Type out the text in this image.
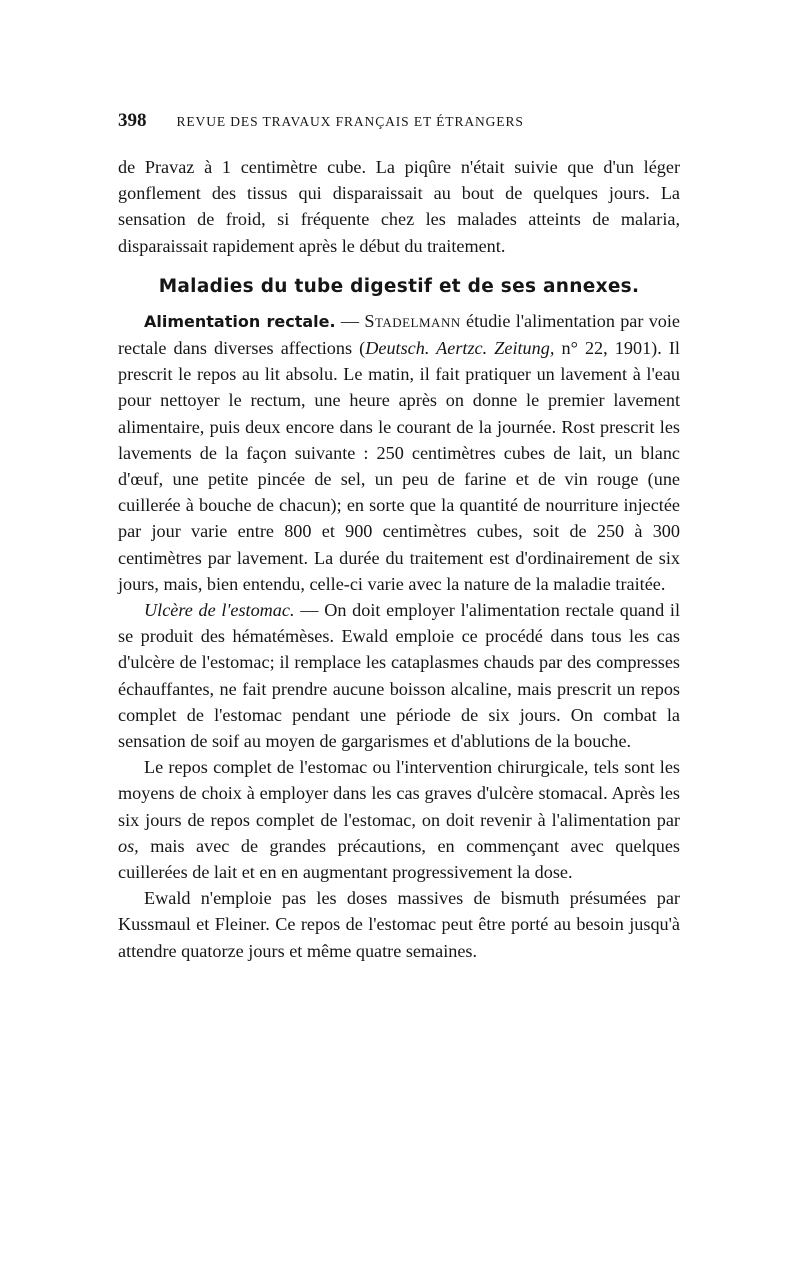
398 REVUE DES TRAVAUX FRANÇAIS ET ÉTRANGERS

de Pravaz à 1 centimètre cube. La piqûre n'était suivie que d'un léger gonflement des tissus qui disparaissait au bout de quelques jours. La sensation de froid, si fréquente chez les malades atteints de malaria, disparaissait rapidement après le début du traitement.

Maladies du tube digestif et de ses annexes.

Alimentation rectale. — Stadelmann étudie l'alimentation par voie rectale dans diverses affections (Deutsch. Aertzc. Zeitung, n° 22, 1901). Il prescrit le repos au lit absolu. Le matin, il fait pratiquer un lavement à l'eau pour nettoyer le rectum, une heure après on donne le premier lavement alimentaire, puis deux encore dans le courant de la journée. Rost prescrit les lavements de la façon suivante : 250 centimètres cubes de lait, un blanc d'œuf, une petite pincée de sel, un peu de farine et de vin rouge (une cuillerée à bouche de chacun); en sorte que la quantité de nourriture injectée par jour varie entre 800 et 900 centimètres cubes, soit de 250 à 300 centimètres par lavement. La durée du traitement est d'ordinairement de six jours, mais, bien entendu, celle-ci varie avec la nature de la maladie traitée.

Ulcère de l'estomac. — On doit employer l'alimentation rectale quand il se produit des hématémèses. Ewald emploie ce procédé dans tous les cas d'ulcère de l'estomac; il remplace les cataplasmes chauds par des compresses échauffantes, ne fait prendre aucune boisson alcaline, mais prescrit un repos complet de l'estomac pendant une période de six jours. On combat la sensation de soif au moyen de gargarismes et d'ablutions de la bouche.

Le repos complet de l'estomac ou l'intervention chirurgicale, tels sont les moyens de choix à employer dans les cas graves d'ulcère stomacal. Après les six jours de repos complet de l'estomac, on doit revenir à l'alimentation par os, mais avec de grandes précautions, en commençant avec quelques cuillerées de lait et en en augmentant progressivement la dose.

Ewald n'emploie pas les doses massives de bismuth présumées par Kussmaul et Fleiner. Ce repos de l'estomac peut être porté au besoin jusqu'à attendre quatorze jours et même quatre semaines.
